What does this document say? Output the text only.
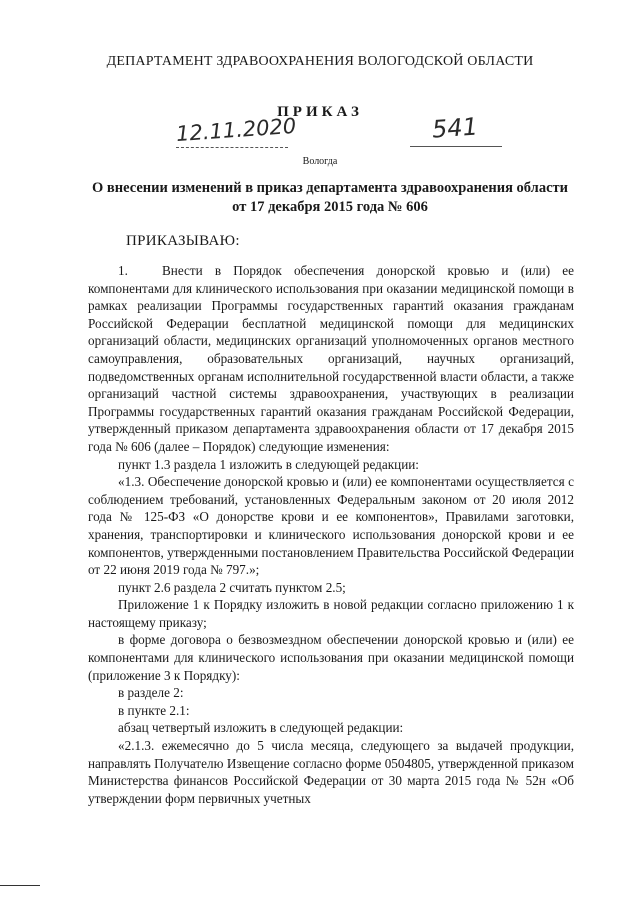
ДЕПАРТАМЕНТ ЗДРАВООХРАНЕНИЯ ВОЛОГОДСКОЙ ОБЛАСТИ
ПРИКАЗ
12.11.2020	541
Вологда
О внесении изменений в приказ департамента здравоохранения области
от 17 декабря 2015 года № 606
ПРИКАЗЫВАЮ:

1.	Внести в Порядок обеспечения донорской кровью и (или) ее компонентами для клинического использования при оказании медицинской помощи в рамках реализации Программы государственных гарантий оказания гражданам Российской Федерации бесплатной медицинской помощи для медицинских организаций области, медицинских организаций уполномоченных органов местного самоуправления, образовательных организаций, научных организаций, подведомственных органам исполнительной государственной власти области, а также организаций частной системы здравоохранения, участвующих в реализации Программы государственных гарантий оказания гражданам Российской Федерации, утвержденный приказом департамента здравоохранения области от 17 декабря 2015 года № 606 (далее – Порядок) следующие изменения:

пункт 1.3 раздела 1 изложить в следующей редакции:

«1.3. Обеспечение донорской кровью и (или) ее компонентами осуществляется с соблюдением требований, установленных Федеральным законом от 20 июля 2012 года № 125-ФЗ «О донорстве крови и ее компонентов», Правилами заготовки, хранения, транспортировки и клинического использования донорской крови и ее компонентов, утвержденными постановлением Правительства Российской Федерации от 22 июня 2019 года № 797.»;

пункт 2.6 раздела 2 считать пунктом 2.5;

Приложение 1 к Порядку изложить в новой редакции согласно приложению 1 к настоящему приказу;

в форме договора о безвозмездном обеспечении донорской кровью и (или) ее компонентами для клинического использования при оказании медицинской помощи (приложение 3 к Порядку):

в разделе 2:

в пункте 2.1:

абзац четвертый изложить в следующей редакции:

«2.1.3. ежемесячно до 5 числа месяца, следующего за выдачей продукции, направлять Получателю Извещение согласно форме 0504805, утвержденной приказом Министерства финансов Российской Федерации от 30 марта 2015 года № 52н «Об утверждении форм первичных учетных
